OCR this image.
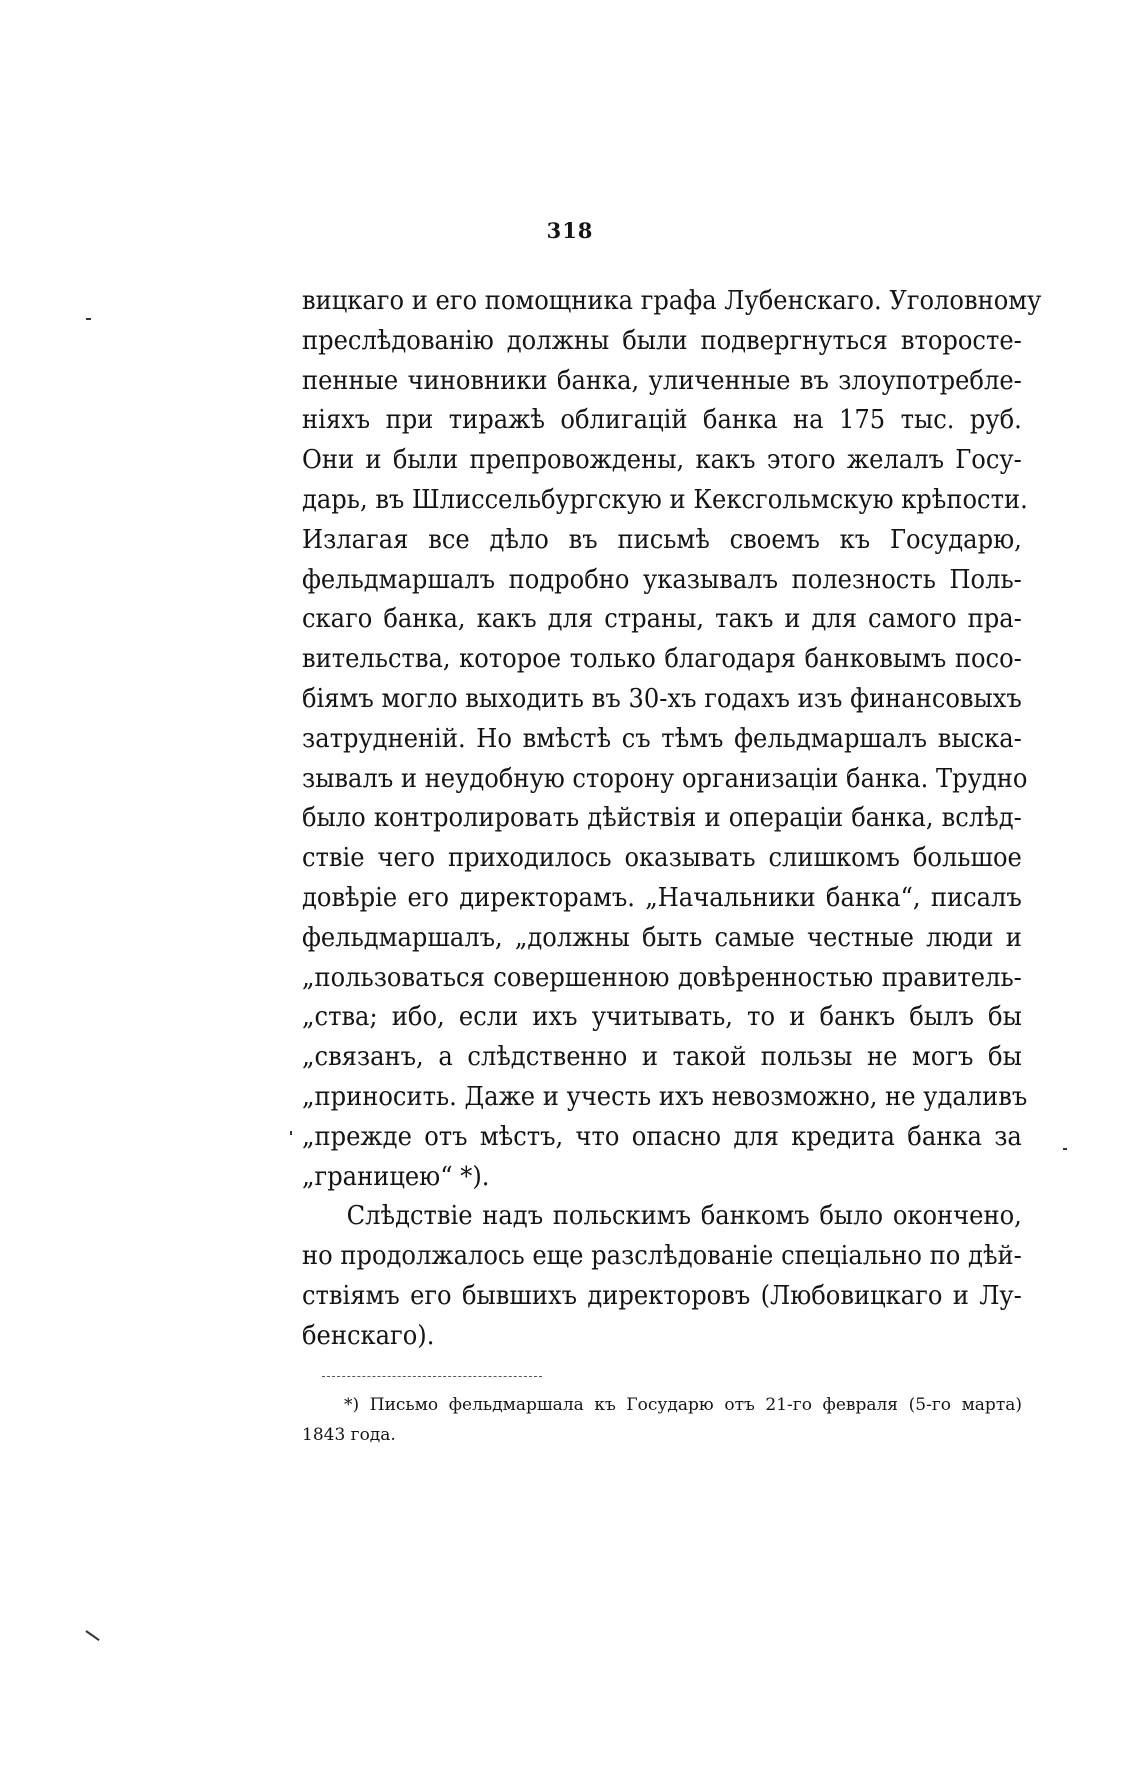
318
вицкаго и его помощника графа Лубенскаго. Уголовному
преслѣдованію должны были подвергнуться второсте-
пенные чиновники банка, уличенные въ злоупотребле-
ніяхъ при тиражѣ облигацій банка на 175 тыс. руб.
Они и были препровождены, какъ этого желалъ Госу-
дарь, въ Шлиссельбургскую и Кексгольмскую крѣпости.
Излагая все дѣло въ письмѣ своемъ къ Государю,
фельдмаршалъ подробно указывалъ полезность Поль-
скаго банка, какъ для страны, такъ и для самого пра-
вительства, которое только благодаря банковымъ посо-
біямъ могло выходить въ 30-хъ годахъ изъ финансовыхъ
затрудненій. Но вмѣстѣ съ тѣмъ фельдмаршалъ выска-
зывалъ и неудобную сторону организаціи банка. Трудно
было контролировать дѣйствія и операціи банка, вслѣд-
ствіе чего приходилось оказывать слишкомъ большое
довѣріе его директорамъ. „Начальники банка“, писалъ
фельдмаршалъ, „должны быть самые честные люди и
„пользоваться совершенною довѣренностью правитель-
„ства; ибо, если ихъ учитывать, то и банкъ былъ бы
„связанъ, а слѣдственно и такой пользы не могъ бы
„приносить. Даже и учесть ихъ невозможно, не удаливъ
„прежде отъ мѣстъ, что опасно для кредита банка за
„границею“ *).
Слѣдствіе надъ польскимъ банкомъ было окончено,
но продолжалось еще разслѣдованіе спеціально по дѣй-
ствіямъ его бывшихъ директоровъ (Любовицкаго и Лу-
бенскаго).
*) Письмо фельдмаршала къ Государю отъ 21-го февраля (5-го марта)
1843 года.
